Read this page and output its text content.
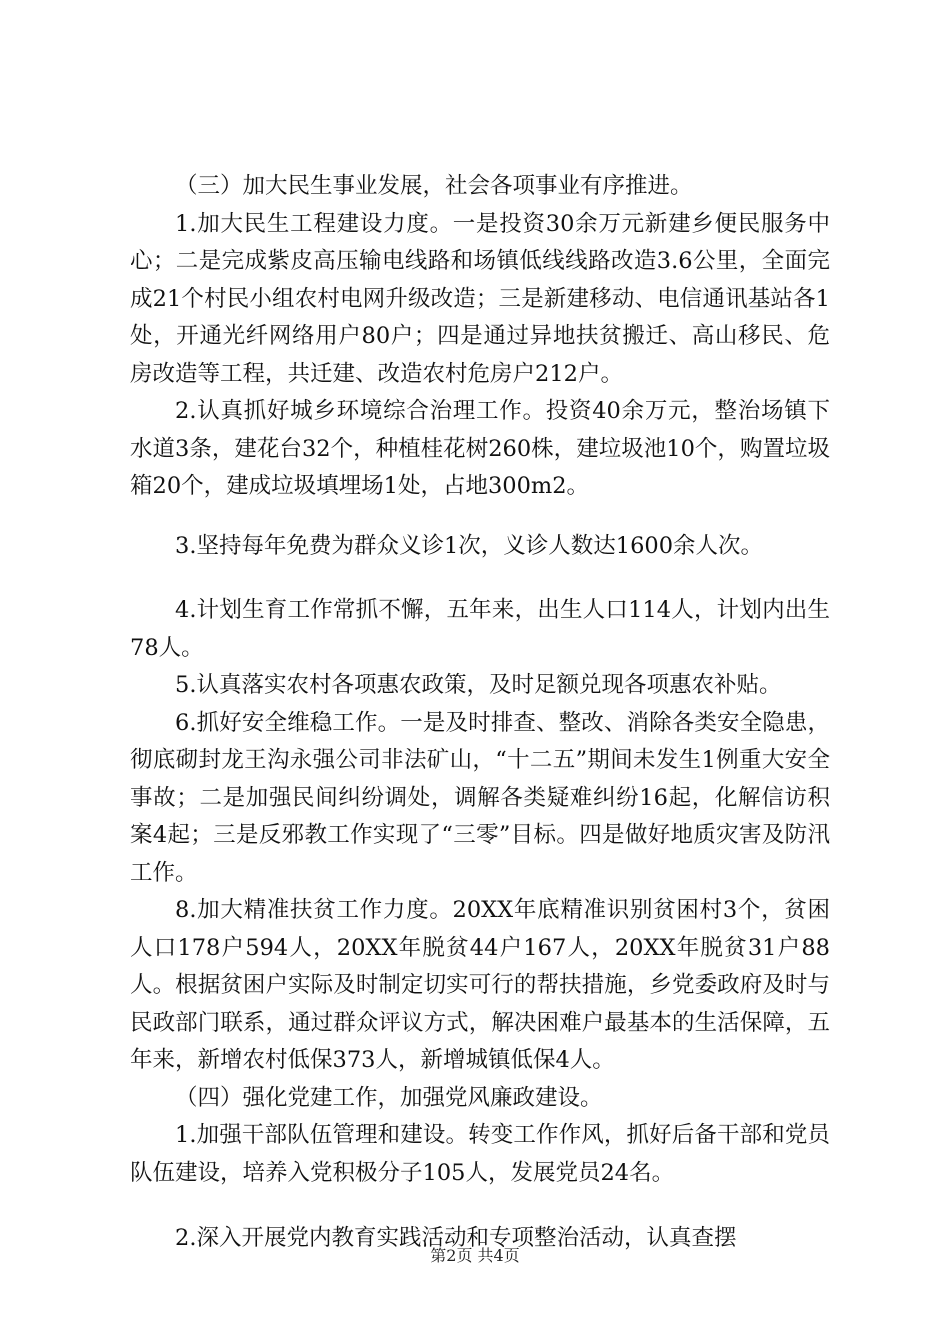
（三）加大民生事业发展，社会各项事业有序推进。

1.加大民生工程建设力度。一是投资30余万元新建乡便民服务中心；二是完成紫皮高压输电线路和场镇低线线路改造3.6公里，全面完成21个村民小组农村电网升级改造；三是新建移动、电信通讯基站各1处，开通光纤网络用户80户；四是通过异地扶贫搬迁、高山移民、危房改造等工程，共迁建、改造农村危房户212户。

2.认真抓好城乡环境综合治理工作。投资40余万元，整治场镇下水道3条，建花台32个，种植桂花树260株，建垃圾池10个，购置垃圾箱20个，建成垃圾填埋场1处，占地300m2。

3.坚持每年免费为群众义诊1次，义诊人数达1600余人次。

4.计划生育工作常抓不懈，五年来，出生人口114人，计划内出生78人。

5.认真落实农村各项惠农政策，及时足额兑现各项惠农补贴。

6.抓好安全维稳工作。一是及时排查、整改、消除各类安全隐患，彻底砌封龙王沟永强公司非法矿山，“十二五”期间未发生1例重大安全事故；二是加强民间纠纷调处，调解各类疑难纠纷16起，化解信访积案4起；三是反邪教工作实现了“三零”目标。四是做好地质灾害及防汛工作。

8.加大精准扶贫工作力度。20XX年底精准识别贫困村3个，贫困人口178户594人，20XX年脱贫44户167人，20XX年脱贫31户88人。根据贫困户实际及时制定切实可行的帮扶措施，乡党委政府及时与民政部门联系，通过群众评议方式，解决困难户最基本的生活保障，五年来，新增农村低保373人，新增城镇低保4人。

（四）强化党建工作，加强党风廉政建设。

1.加强干部队伍管理和建设。转变工作作风，抓好后备干部和党员队伍建设，培养入党积极分子105人，发展党员24名。

2.深入开展党内教育实践活动和专项整治活动，认真查摆

第2页 共4页
